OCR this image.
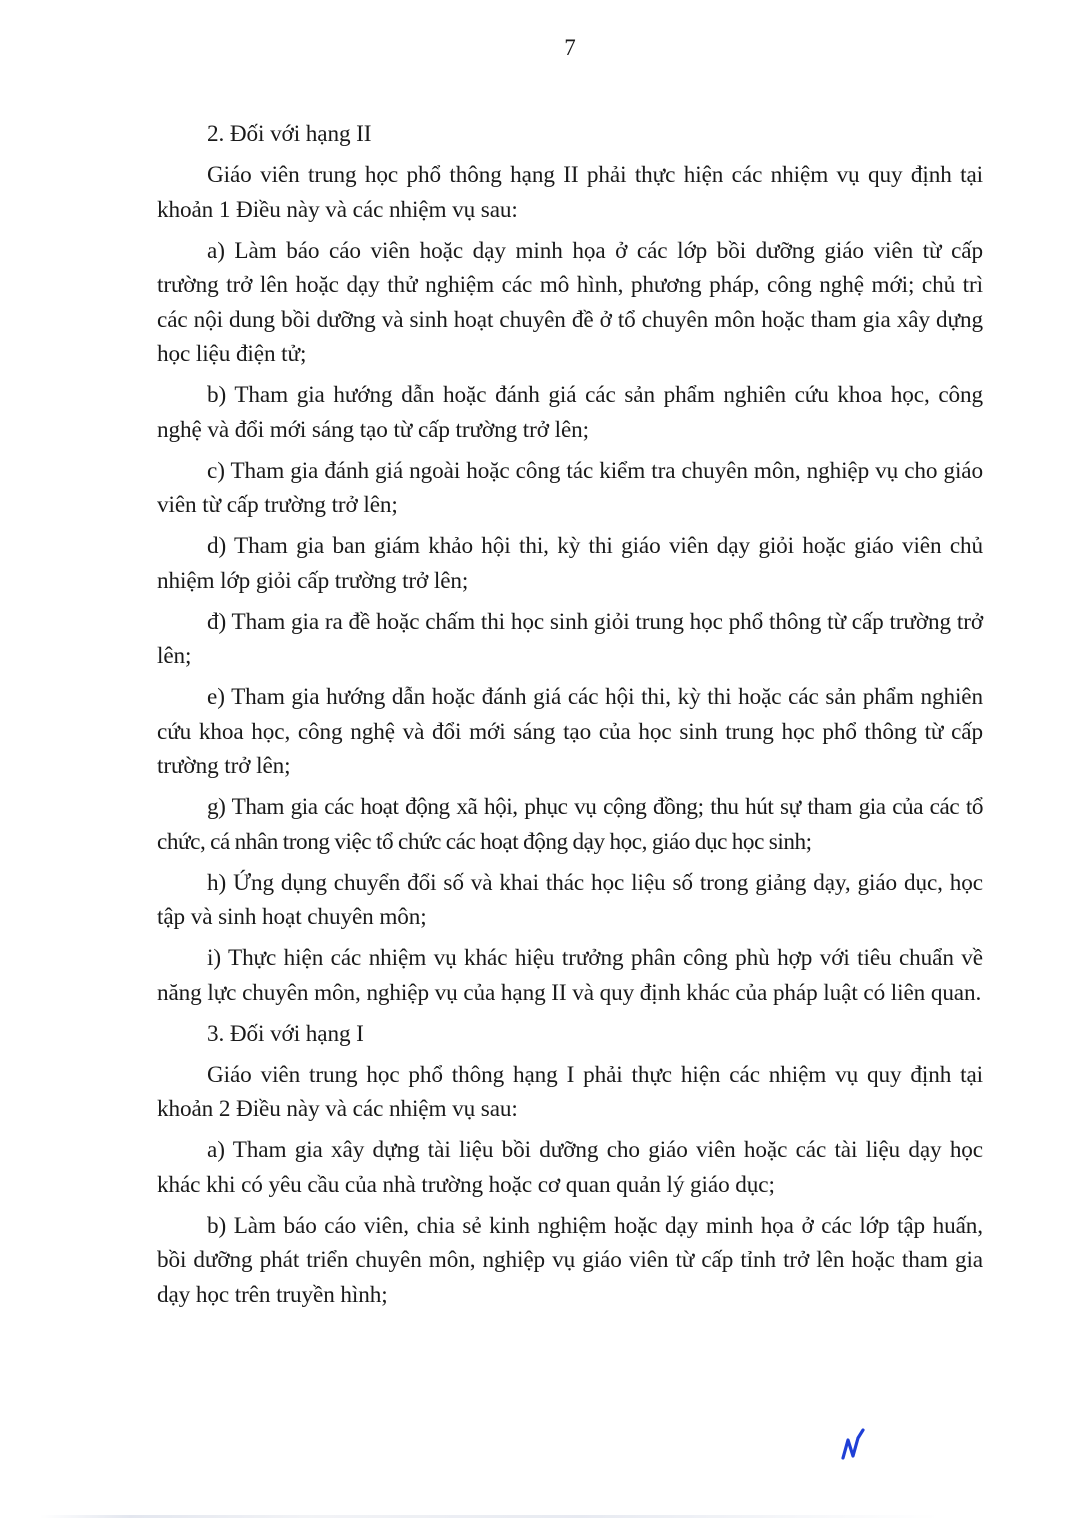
7

2. Đối với hạng II

Giáo viên trung học phổ thông hạng II phải thực hiện các nhiệm vụ quy định tại khoản 1 Điều này và các nhiệm vụ sau:

a) Làm báo cáo viên hoặc dạy minh họa ở các lớp bồi dưỡng giáo viên từ cấp trường trở lên hoặc dạy thử nghiệm các mô hình, phương pháp, công nghệ mới; chủ trì các nội dung bồi dưỡng và sinh hoạt chuyên đề ở tổ chuyên môn hoặc tham gia xây dựng học liệu điện tử;

b) Tham gia hướng dẫn hoặc đánh giá các sản phẩm nghiên cứu khoa học, công nghệ và đổi mới sáng tạo từ cấp trường trở lên;

c) Tham gia đánh giá ngoài hoặc công tác kiểm tra chuyên môn, nghiệp vụ cho giáo viên từ cấp trường trở lên;

d) Tham gia ban giám khảo hội thi, kỳ thi giáo viên dạy giỏi hoặc giáo viên chủ nhiệm lớp giỏi cấp trường trở lên;

đ) Tham gia ra đề hoặc chấm thi học sinh giỏi trung học phổ thông từ cấp trường trở lên;

e) Tham gia hướng dẫn hoặc đánh giá các hội thi, kỳ thi hoặc các sản phẩm nghiên cứu khoa học, công nghệ và đổi mới sáng tạo của học sinh trung học phổ thông từ cấp trường trở lên;

g) Tham gia các hoạt động xã hội, phục vụ cộng đồng; thu hút sự tham gia của các tổ chức, cá nhân trong việc tổ chức các hoạt động dạy học, giáo dục học sinh;

h) Ứng dụng chuyển đổi số và khai thác học liệu số trong giảng dạy, giáo dục, học tập và sinh hoạt chuyên môn;

i) Thực hiện các nhiệm vụ khác hiệu trưởng phân công phù hợp với tiêu chuẩn về năng lực chuyên môn, nghiệp vụ của hạng II và quy định khác của pháp luật có liên quan.

3. Đối với hạng I

Giáo viên trung học phổ thông hạng I phải thực hiện các nhiệm vụ quy định tại khoản 2 Điều này và các nhiệm vụ sau:

a) Tham gia xây dựng tài liệu bồi dưỡng cho giáo viên hoặc các tài liệu dạy học khác khi có yêu cầu của nhà trường hoặc cơ quan quản lý giáo dục;

b) Làm báo cáo viên, chia sẻ kinh nghiệm hoặc dạy minh họa ở các lớp tập huấn, bồi dưỡng phát triển chuyên môn, nghiệp vụ giáo viên từ cấp tỉnh trở lên hoặc tham gia dạy học trên truyền hình;
